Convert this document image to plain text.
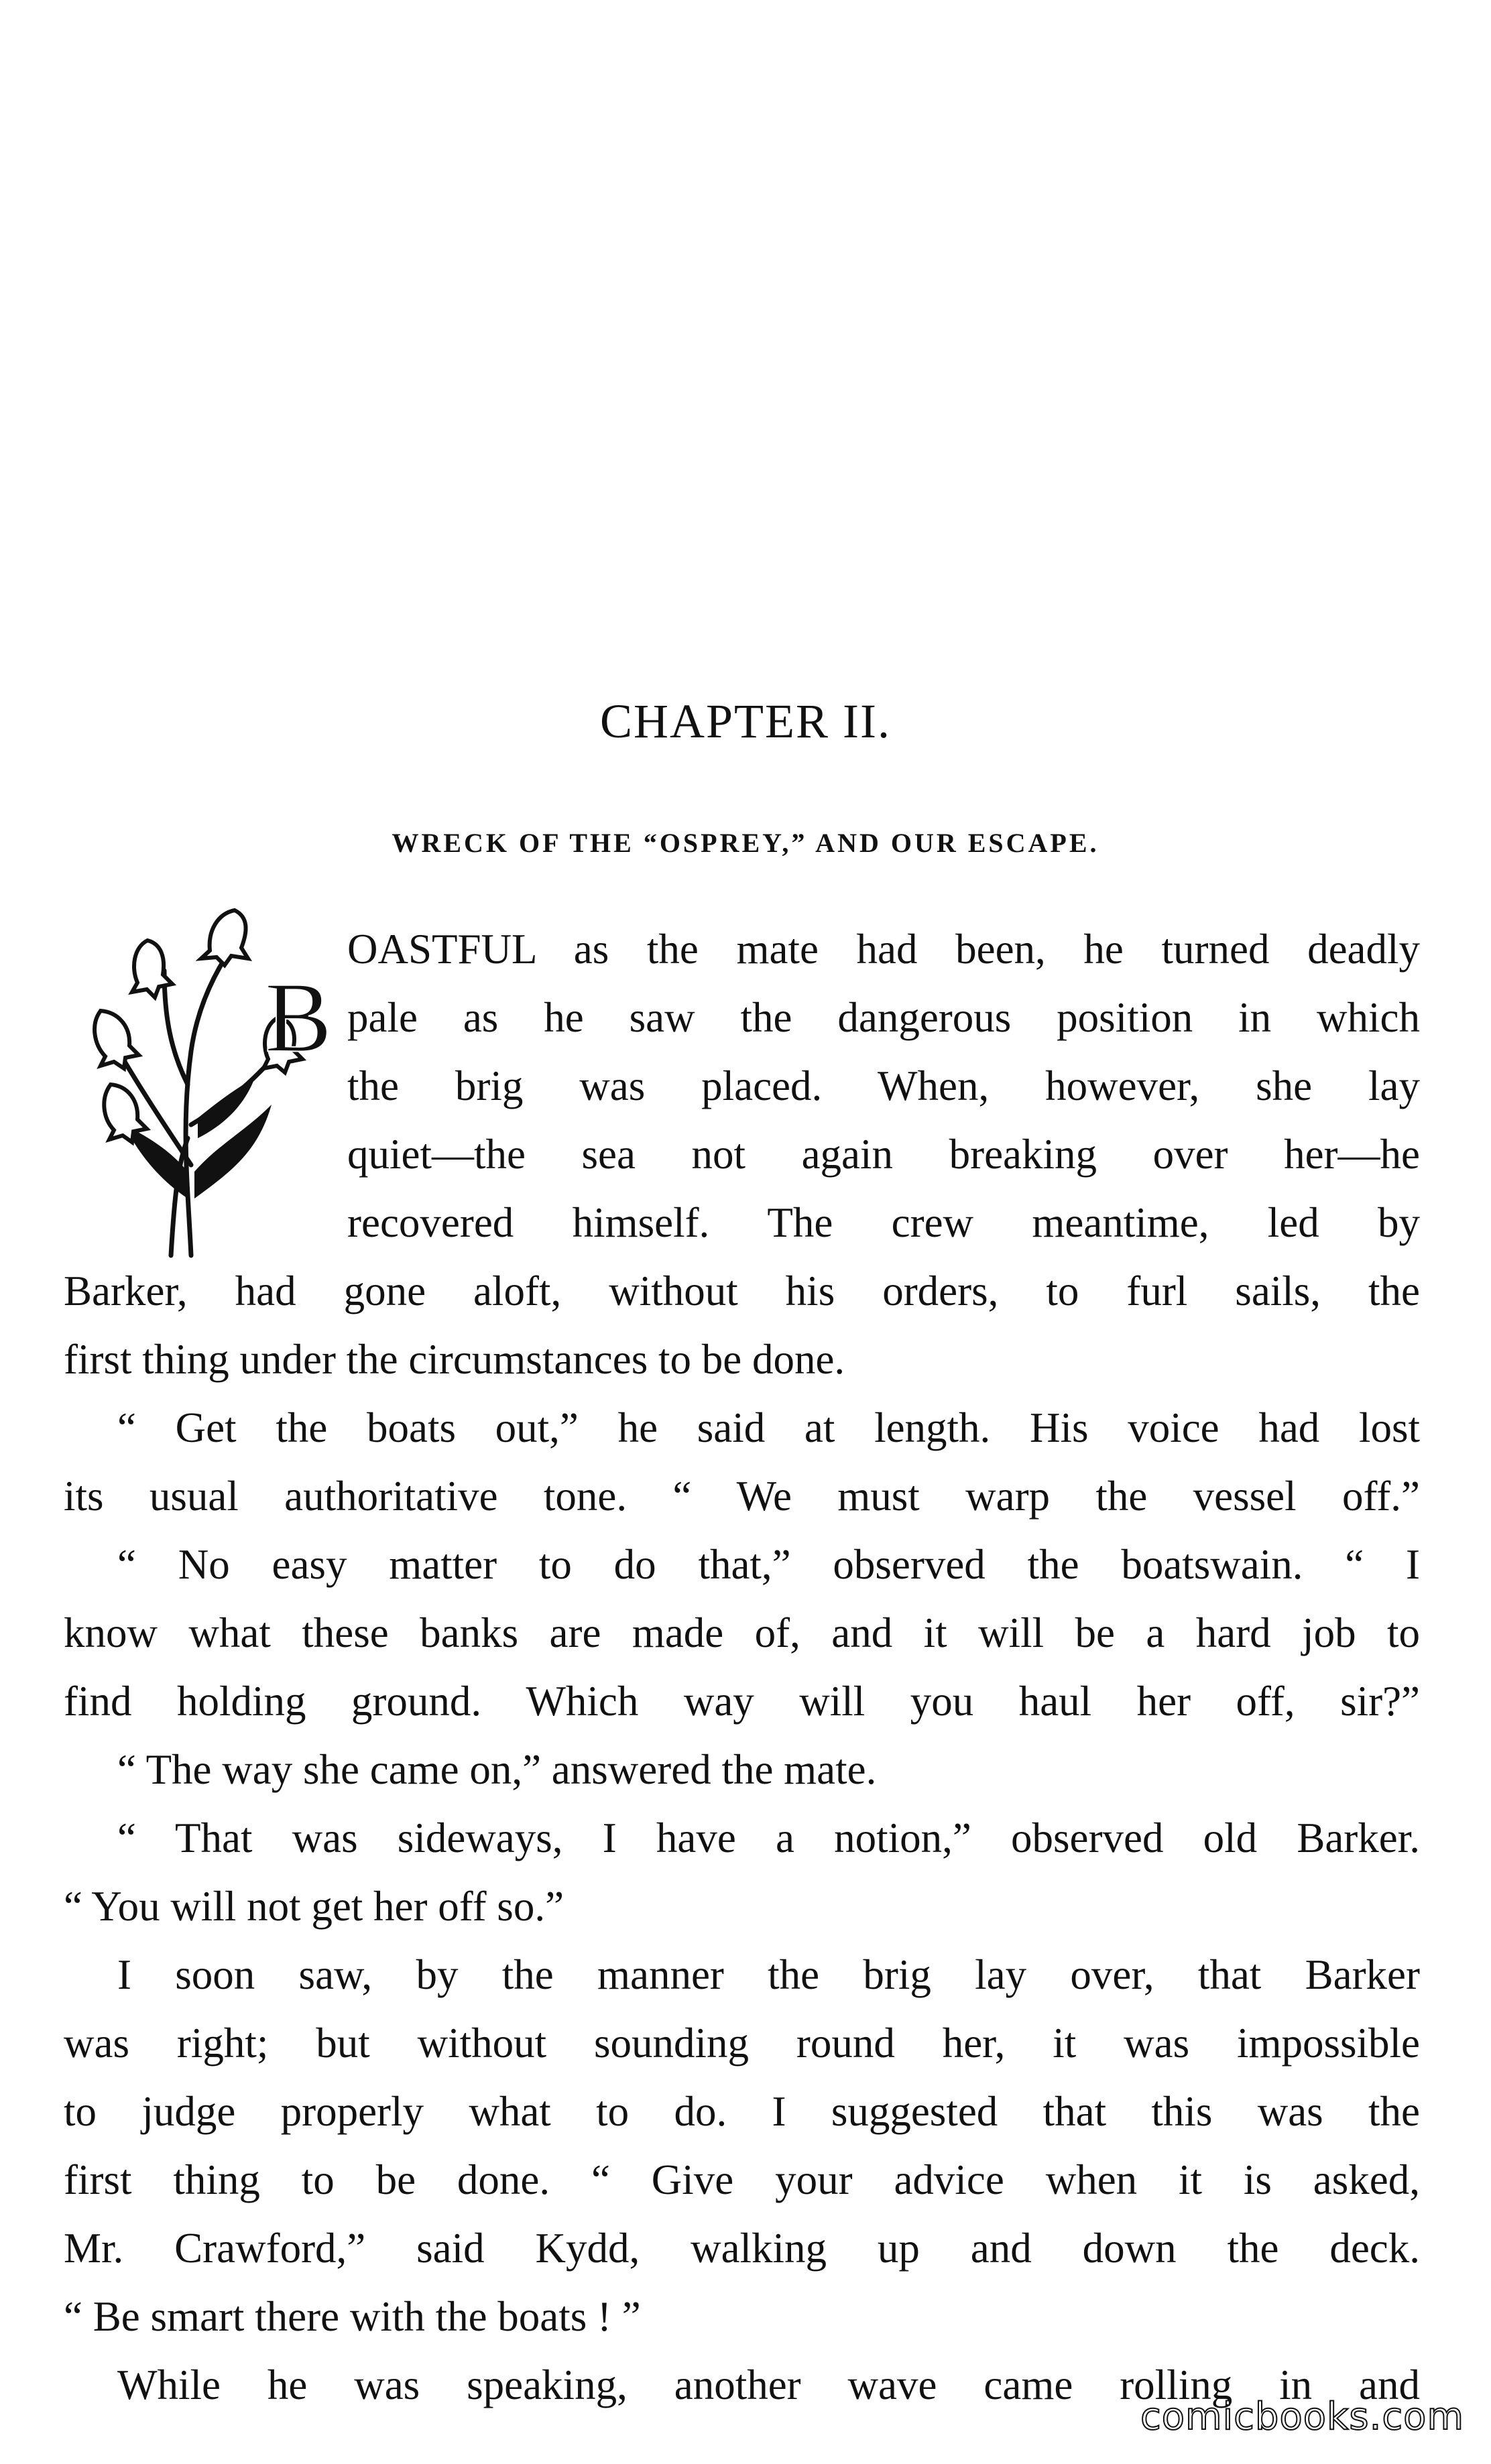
CHAPTER II.
WRECK OF THE “OSPREY,” AND OUR ESCAPE.
B
OASTFUL as the mate had been, he turned deadly
pale as he saw the dangerous position in which
the brig was placed. When, however, she lay
quiet—the sea not again breaking over her—he
recovered himself. The crew meantime, led by
Barker, had gone aloft, without his orders, to furl sails, the
first thing under the circumstances to be done.
“ Get the boats out,” he said at length. His voice had lost
its usual authoritative tone. “ We must warp the vessel off.”
“ No easy matter to do that,” observed the boatswain. “ I
know what these banks are made of, and it will be a hard job to
find holding ground. Which way will you haul her off, sir?”
“ The way she came on,” answered the mate.
“ That was sideways, I have a notion,” observed old Barker.
“ You will not get her off so.”
I soon saw, by the manner the brig lay over, that Barker
was right; but without sounding round her, it was impossible
to judge properly what to do. I suggested that this was the
first thing to be done. “ Give your advice when it is asked,
Mr. Crawford,” said Kydd, walking up and down the deck.
“ Be smart there with the boats ! ”
While he was speaking, another wave came rolling in and
comicbooks.com
